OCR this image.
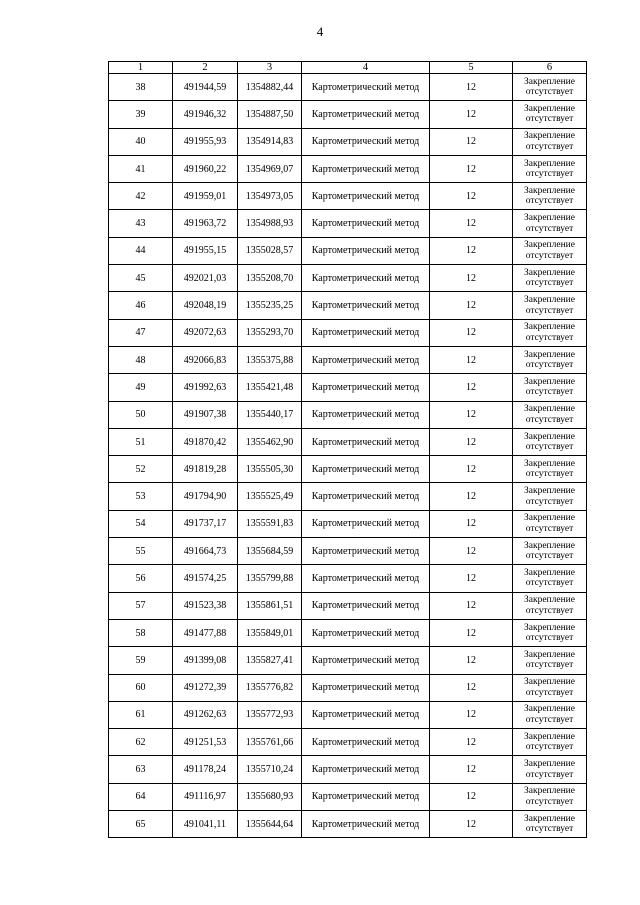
4
1	2	3	4	5	6
38	491944,59	1354882,44	Картометрический метод	12	Закрепление отсутствует
39	491946,32	1354887,50	Картометрический метод	12	Закрепление отсутствует
40	491955,93	1354914,83	Картометрический метод	12	Закрепление отсутствует
41	491960,22	1354969,07	Картометрический метод	12	Закрепление отсутствует
42	491959,01	1354973,05	Картометрический метод	12	Закрепление отсутствует
43	491963,72	1354988,93	Картометрический метод	12	Закрепление отсутствует
44	491955,15	1355028,57	Картометрический метод	12	Закрепление отсутствует
45	492021,03	1355208,70	Картометрический метод	12	Закрепление отсутствует
46	492048,19	1355235,25	Картометрический метод	12	Закрепление отсутствует
47	492072,63	1355293,70	Картометрический метод	12	Закрепление отсутствует
48	492066,83	1355375,88	Картометрический метод	12	Закрепление отсутствует
49	491992,63	1355421,48	Картометрический метод	12	Закрепление отсутствует
50	491907,38	1355440,17	Картометрический метод	12	Закрепление отсутствует
51	491870,42	1355462,90	Картометрический метод	12	Закрепление отсутствует
52	491819,28	1355505,30	Картометрический метод	12	Закрепление отсутствует
53	491794,90	1355525,49	Картометрический метод	12	Закрепление отсутствует
54	491737,17	1355591,83	Картометрический метод	12	Закрепление отсутствует
55	491664,73	1355684,59	Картометрический метод	12	Закрепление отсутствует
56	491574,25	1355799,88	Картометрический метод	12	Закрепление отсутствует
57	491523,38	1355861,51	Картометрический метод	12	Закрепление отсутствует
58	491477,88	1355849,01	Картометрический метод	12	Закрепление отсутствует
59	491399,08	1355827,41	Картометрический метод	12	Закрепление отсутствует
60	491272,39	1355776,82	Картометрический метод	12	Закрепление отсутствует
61	491262,63	1355772,93	Картометрический метод	12	Закрепление отсутствует
62	491251,53	1355761,66	Картометрический метод	12	Закрепление отсутствует
63	491178,24	1355710,24	Картометрический метод	12	Закрепление отсутствует
64	491116,97	1355680,93	Картометрический метод	12	Закрепление отсутствует
65	491041,11	1355644,64	Картометрический метод	12	Закрепление отсутствует
